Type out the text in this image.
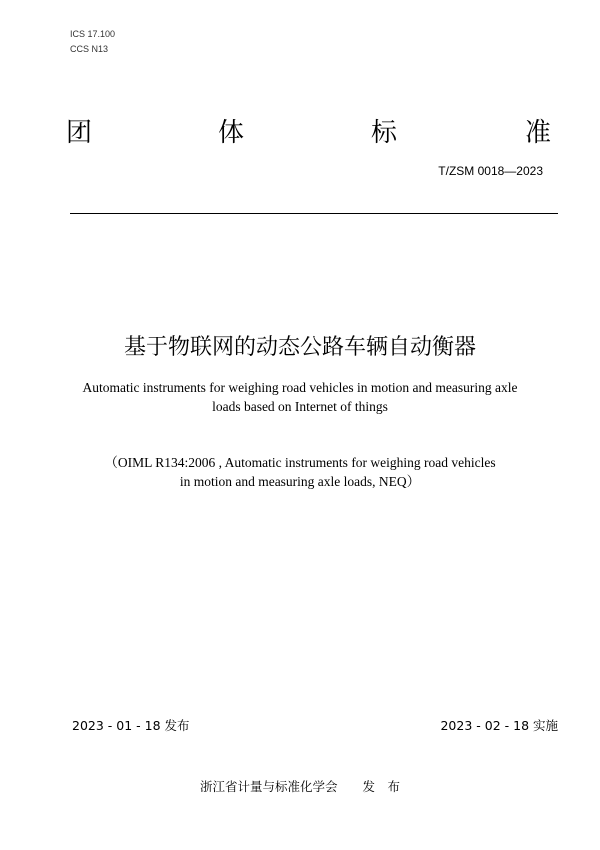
ICS 17.100
CCS N13
团	体	标	准
T/ZSM 0018—2023
基于物联网的动态公路车辆自动衡器
Automatic instruments for weighing road vehicles in motion and measuring axle
loads based on Internet of things
（OIML R134:2006 , Automatic instruments for weighing road vehicles
in motion and measuring axle loads, NEQ）
2023 - 01 - 18 发布	2023 - 02 - 18 实施
浙江省计量与标准化学会　　发　布
